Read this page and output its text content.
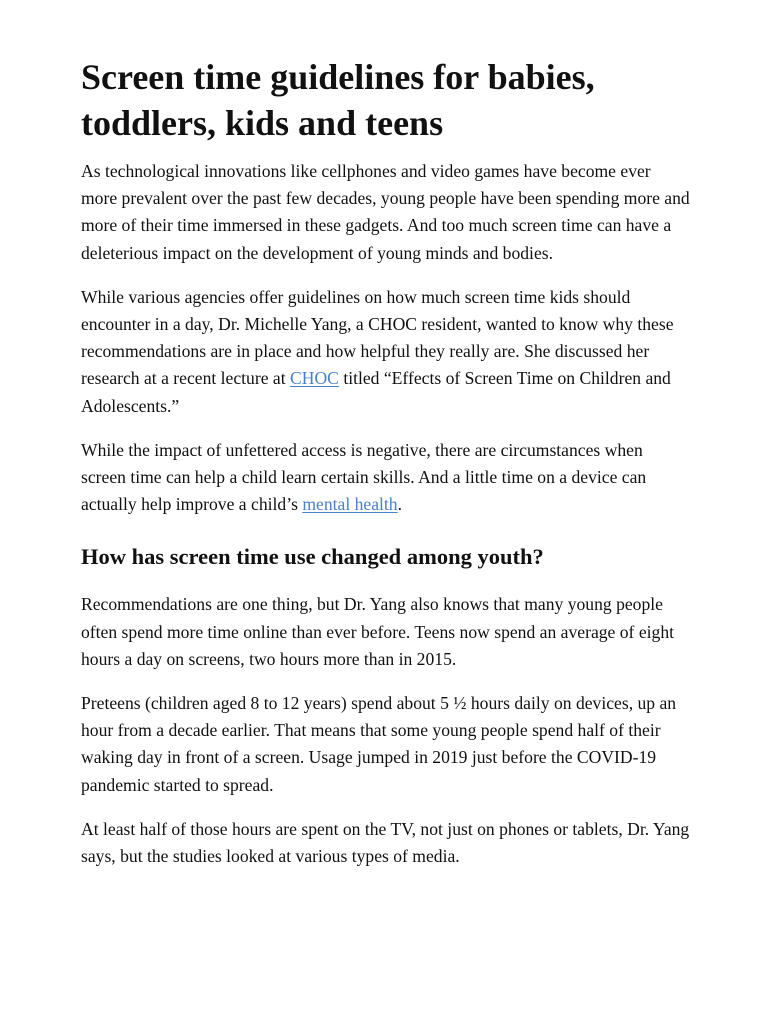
Screen time guidelines for babies, toddlers, kids and teens

As technological innovations like cellphones and video games have become ever more prevalent over the past few decades, young people have been spending more and more of their time immersed in these gadgets. And too much screen time can have a deleterious impact on the development of young minds and bodies.

While various agencies offer guidelines on how much screen time kids should encounter in a day, Dr. Michelle Yang, a CHOC resident, wanted to know why these recommendations are in place and how helpful they really are. She discussed her research at a recent lecture at CHOC titled “Effects of Screen Time on Children and Adolescents.”

While the impact of unfettered access is negative, there are circumstances when screen time can help a child learn certain skills. And a little time on a device can actually help improve a child’s mental health.

How has screen time use changed among youth?

Recommendations are one thing, but Dr. Yang also knows that many young people often spend more time online than ever before. Teens now spend an average of eight hours a day on screens, two hours more than in 2015.

Preteens (children aged 8 to 12 years) spend about 5 ½ hours daily on devices, up an hour from a decade earlier. That means that some young people spend half of their waking day in front of a screen. Usage jumped in 2019 just before the COVID-19 pandemic started to spread.

At least half of those hours are spent on the TV, not just on phones or tablets, Dr. Yang says, but the studies looked at various types of media.
